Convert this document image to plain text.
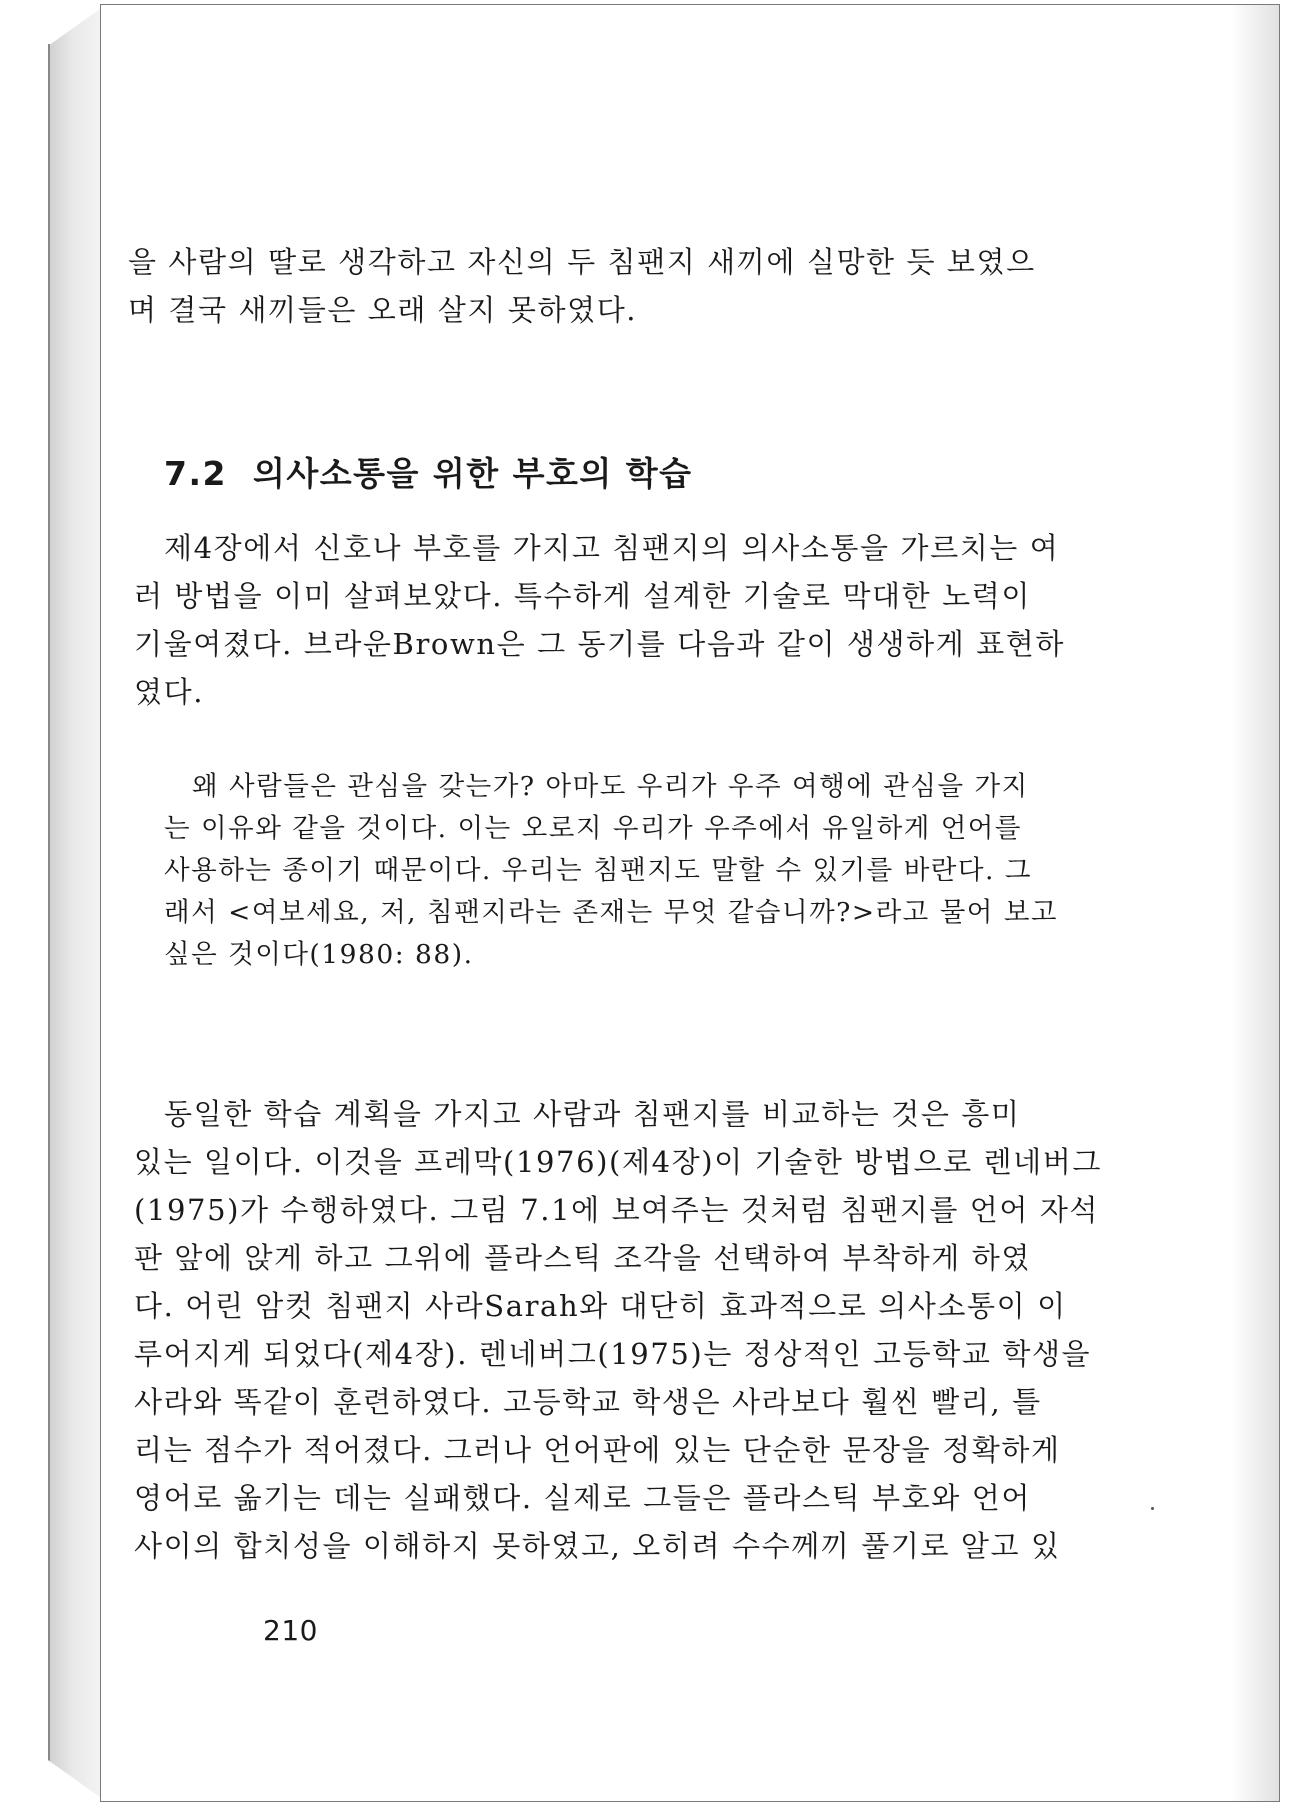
을 사람의 딸로 생각하고 자신의 두 침팬지 새끼에 실망한 듯 보였으

며 결국 새끼들은 오래 살지 못하였다.

7.2 의사소통을 위한 부호의 학습

제4장에서 신호나 부호를 가지고 침팬지의 의사소통을 가르치는 여

러 방법을 이미 살펴보았다. 특수하게 설계한 기술로 막대한 노력이

기울여졌다. 브라운Brown은 그 동기를 다음과 같이 생생하게 표현하

였다.

왜 사람들은 관심을 갖는가? 아마도 우리가 우주 여행에 관심을 가지

는 이유와 같을 것이다. 이는 오로지 우리가 우주에서 유일하게 언어를

사용하는 종이기 때문이다. 우리는 침팬지도 말할 수 있기를 바란다. 그

래서 <여보세요, 저, 침팬지라는 존재는 무엇 같습니까?>라고 물어 보고

싶은 것이다(1980: 88).

동일한 학습 계획을 가지고 사람과 침팬지를 비교하는 것은 흥미

있는 일이다. 이것을 프레막(1976)(제4장)이 기술한 방법으로 렌네버그

(1975)가 수행하였다. 그림 7.1에 보여주는 것처럼 침팬지를 언어 자석

판 앞에 앉게 하고 그위에 플라스틱 조각을 선택하여 부착하게 하였

다. 어린 암컷 침팬지 사라Sarah와 대단히 효과적으로 의사소통이 이

루어지게 되었다(제4장). 렌네버그(1975)는 정상적인 고등학교 학생을

사라와 똑같이 훈련하였다. 고등학교 학생은 사라보다 훨씬 빨리, 틀

리는 점수가 적어졌다. 그러나 언어판에 있는 단순한 문장을 정확하게

영어로 옮기는 데는 실패했다. 실제로 그들은 플라스틱 부호와 언어

사이의 합치성을 이해하지 못하였고, 오히려 수수께끼 풀기로 알고 있

210
